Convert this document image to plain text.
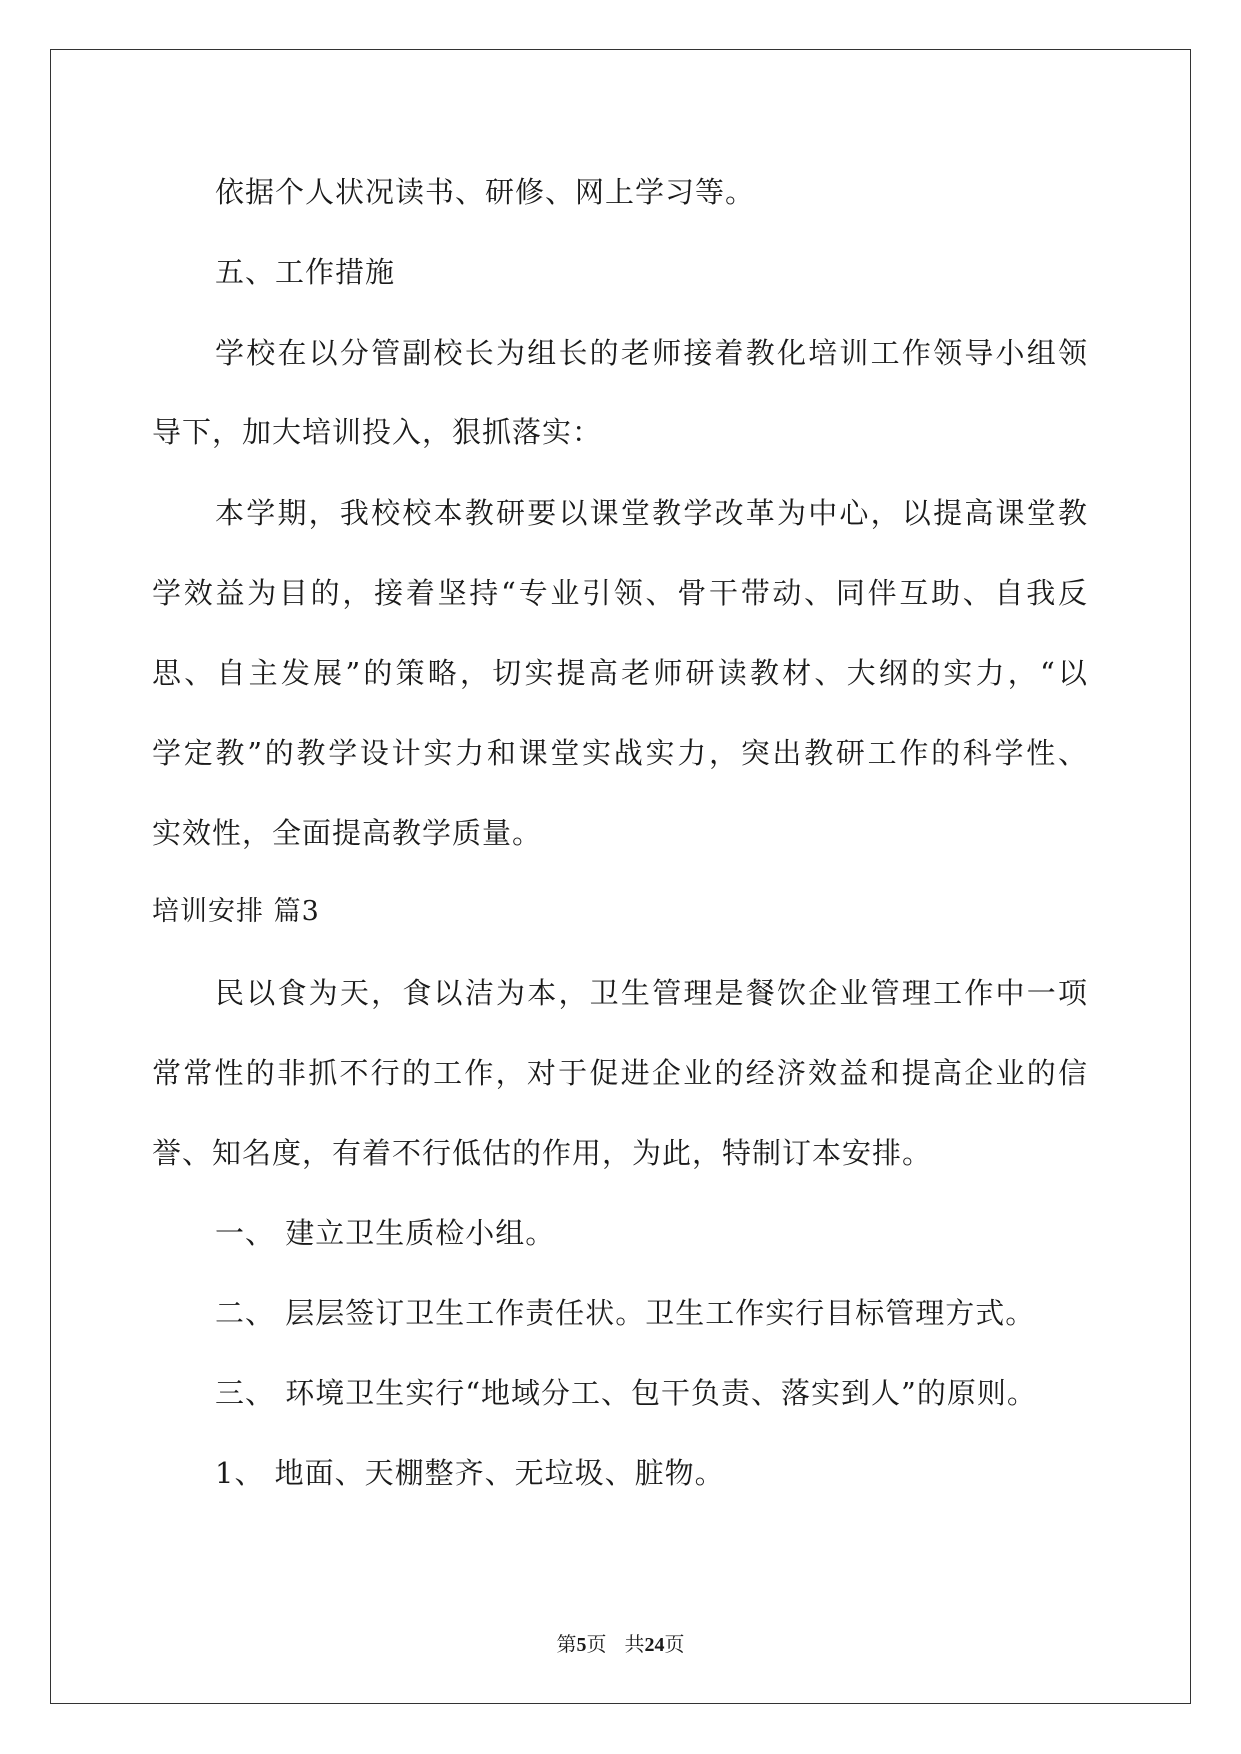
依据个人状况读书、研修、网上学习等。
五、工作措施
学校在以分管副校长为组长的老师接着教化培训工作领导小组领
导下，加大培训投入，狠抓落实：
本学期，我校校本教研要以课堂教学改革为中心，以提高课堂教
学效益为目的，接着坚持“专业引领、骨干带动、同伴互助、自我反
思、自主发展”的策略，切实提高老师研读教材、大纲的实力，“以
学定教”的教学设计实力和课堂实战实力，突出教研工作的科学性、
实效性，全面提高教学质量。
培训安排 篇3
民以食为天，食以洁为本，卫生管理是餐饮企业管理工作中一项
常常性的非抓不行的工作，对于促进企业的经济效益和提高企业的信
誉、知名度，有着不行低估的作用，为此，特制订本安排。
一、 建立卫生质检小组。
二、 层层签订卫生工作责任状。卫生工作实行目标管理方式。
三、 环境卫生实行“地域分工、包干负责、落实到人”的原则。
1、 地面、天棚整齐、无垃圾、脏物。
第5页 共24页
